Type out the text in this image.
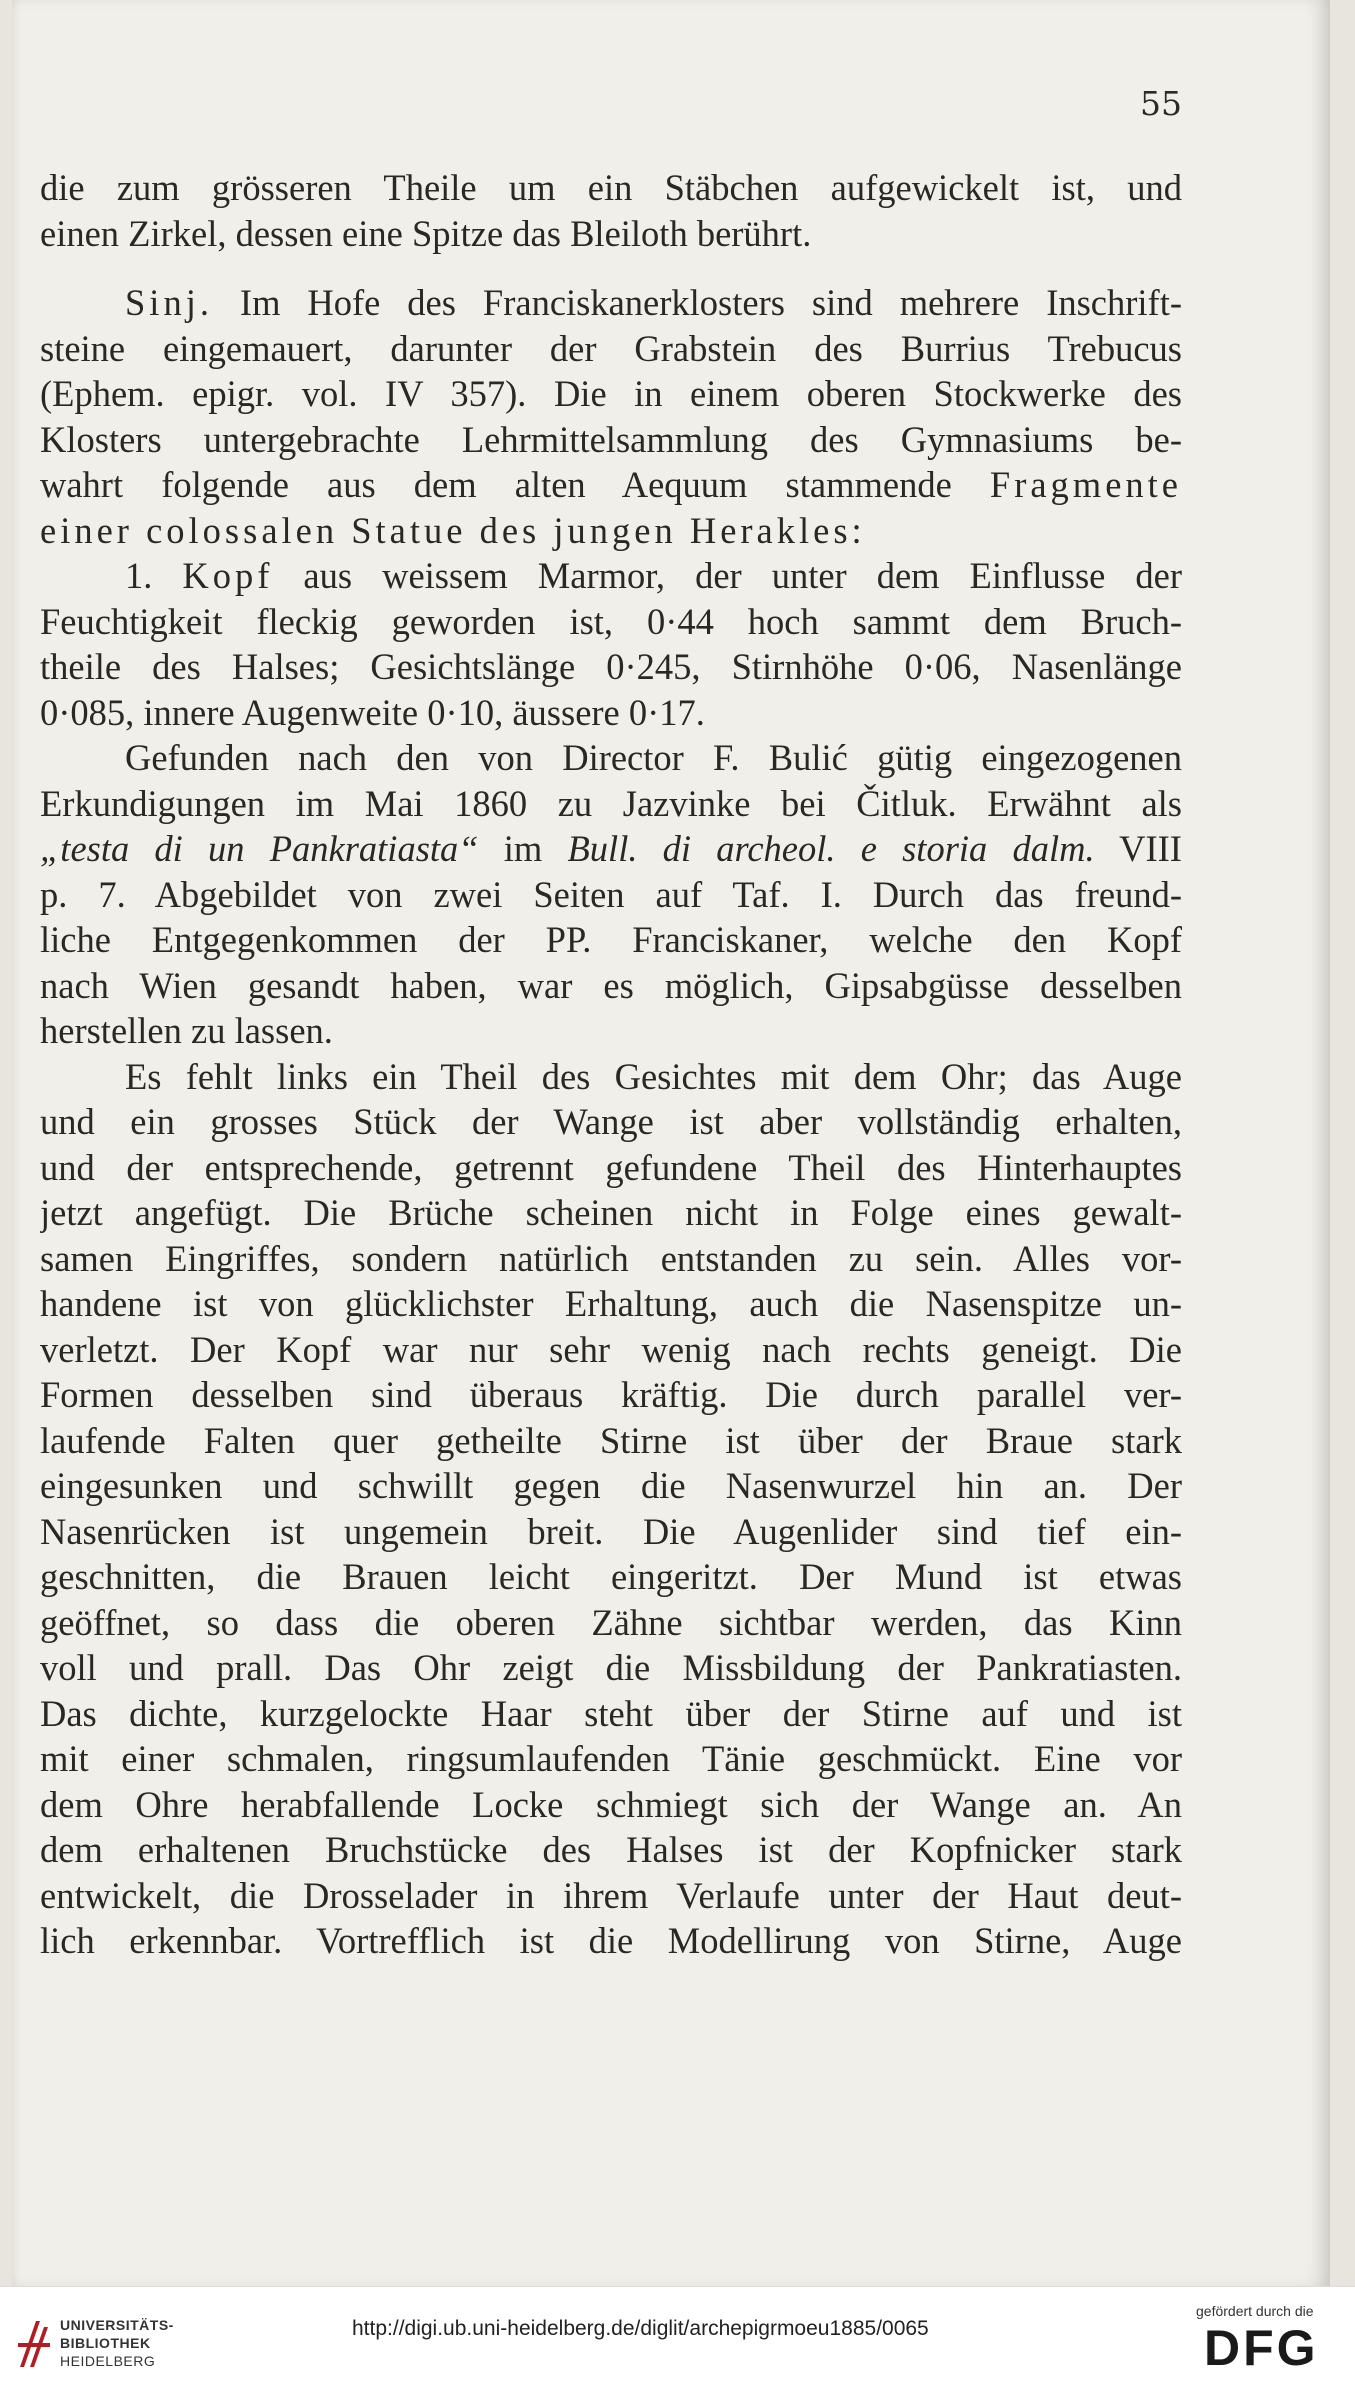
55
die zum grösseren Theile um ein Stäbchen aufgewickelt ist, und
einen Zirkel, dessen eine Spitze das Bleiloth berührt.
Sinj. Im Hofe des Franciskanerklosters sind mehrere Inschrift-
steine eingemauert, darunter der Grabstein des Burrius Trebucus
(Ephem. epigr. vol. IV 357). Die in einem oberen Stockwerke des
Klosters untergebrachte Lehrmittelsammlung des Gymnasiums be-
wahrt folgende aus dem alten Aequum stammende Fragmente
einer colossalen Statue des jungen Herakles:
1. Kopf aus weissem Marmor, der unter dem Einflusse der
Feuchtigkeit fleckig geworden ist, 0·44 hoch sammt dem Bruch-
theile des Halses; Gesichtslänge 0·245, Stirnhöhe 0·06, Nasenlänge
0·085, innere Augenweite 0·10, äussere 0·17.
Gefunden nach den von Director F. Bulić gütig eingezogenen
Erkundigungen im Mai 1860 zu Jazvinke bei Čitluk. Erwähnt als
„testa di un Pankratiasta“ im Bull. di archeol. e storia dalm. VIII
p. 7. Abgebildet von zwei Seiten auf Taf. I. Durch das freund-
liche Entgegenkommen der PP. Franciskaner, welche den Kopf
nach Wien gesandt haben, war es möglich, Gipsabgüsse desselben
herstellen zu lassen.
Es fehlt links ein Theil des Gesichtes mit dem Ohr; das Auge
und ein grosses Stück der Wange ist aber vollständig erhalten,
und der entsprechende, getrennt gefundene Theil des Hinterhauptes
jetzt angefügt. Die Brüche scheinen nicht in Folge eines gewalt-
samen Eingriffes, sondern natürlich entstanden zu sein. Alles vor-
handene ist von glücklichster Erhaltung, auch die Nasenspitze un-
verletzt. Der Kopf war nur sehr wenig nach rechts geneigt. Die
Formen desselben sind überaus kräftig. Die durch parallel ver-
laufende Falten quer getheilte Stirne ist über der Braue stark
eingesunken und schwillt gegen die Nasenwurzel hin an. Der
Nasenrücken ist ungemein breit. Die Augenlider sind tief ein-
geschnitten, die Brauen leicht eingeritzt. Der Mund ist etwas
geöffnet, so dass die oberen Zähne sichtbar werden, das Kinn
voll und prall. Das Ohr zeigt die Missbildung der Pankratiasten.
Das dichte, kurzgelockte Haar steht über der Stirne auf und ist
mit einer schmalen, ringsumlaufenden Tänie geschmückt. Eine vor
dem Ohre herabfallende Locke schmiegt sich der Wange an. An
dem erhaltenen Bruchstücke des Halses ist der Kopfnicker stark
entwickelt, die Drosselader in ihrem Verlaufe unter der Haut deut-
lich erkennbar. Vortrefflich ist die Modellirung von Stirne, Auge
UNIVERSITÄTS-
BIBLIOTHEK
HEIDELBERG
http://digi.ub.uni-heidelberg.de/diglit/archepigrmoeu1885/0065
gefördert durch die
DFG
